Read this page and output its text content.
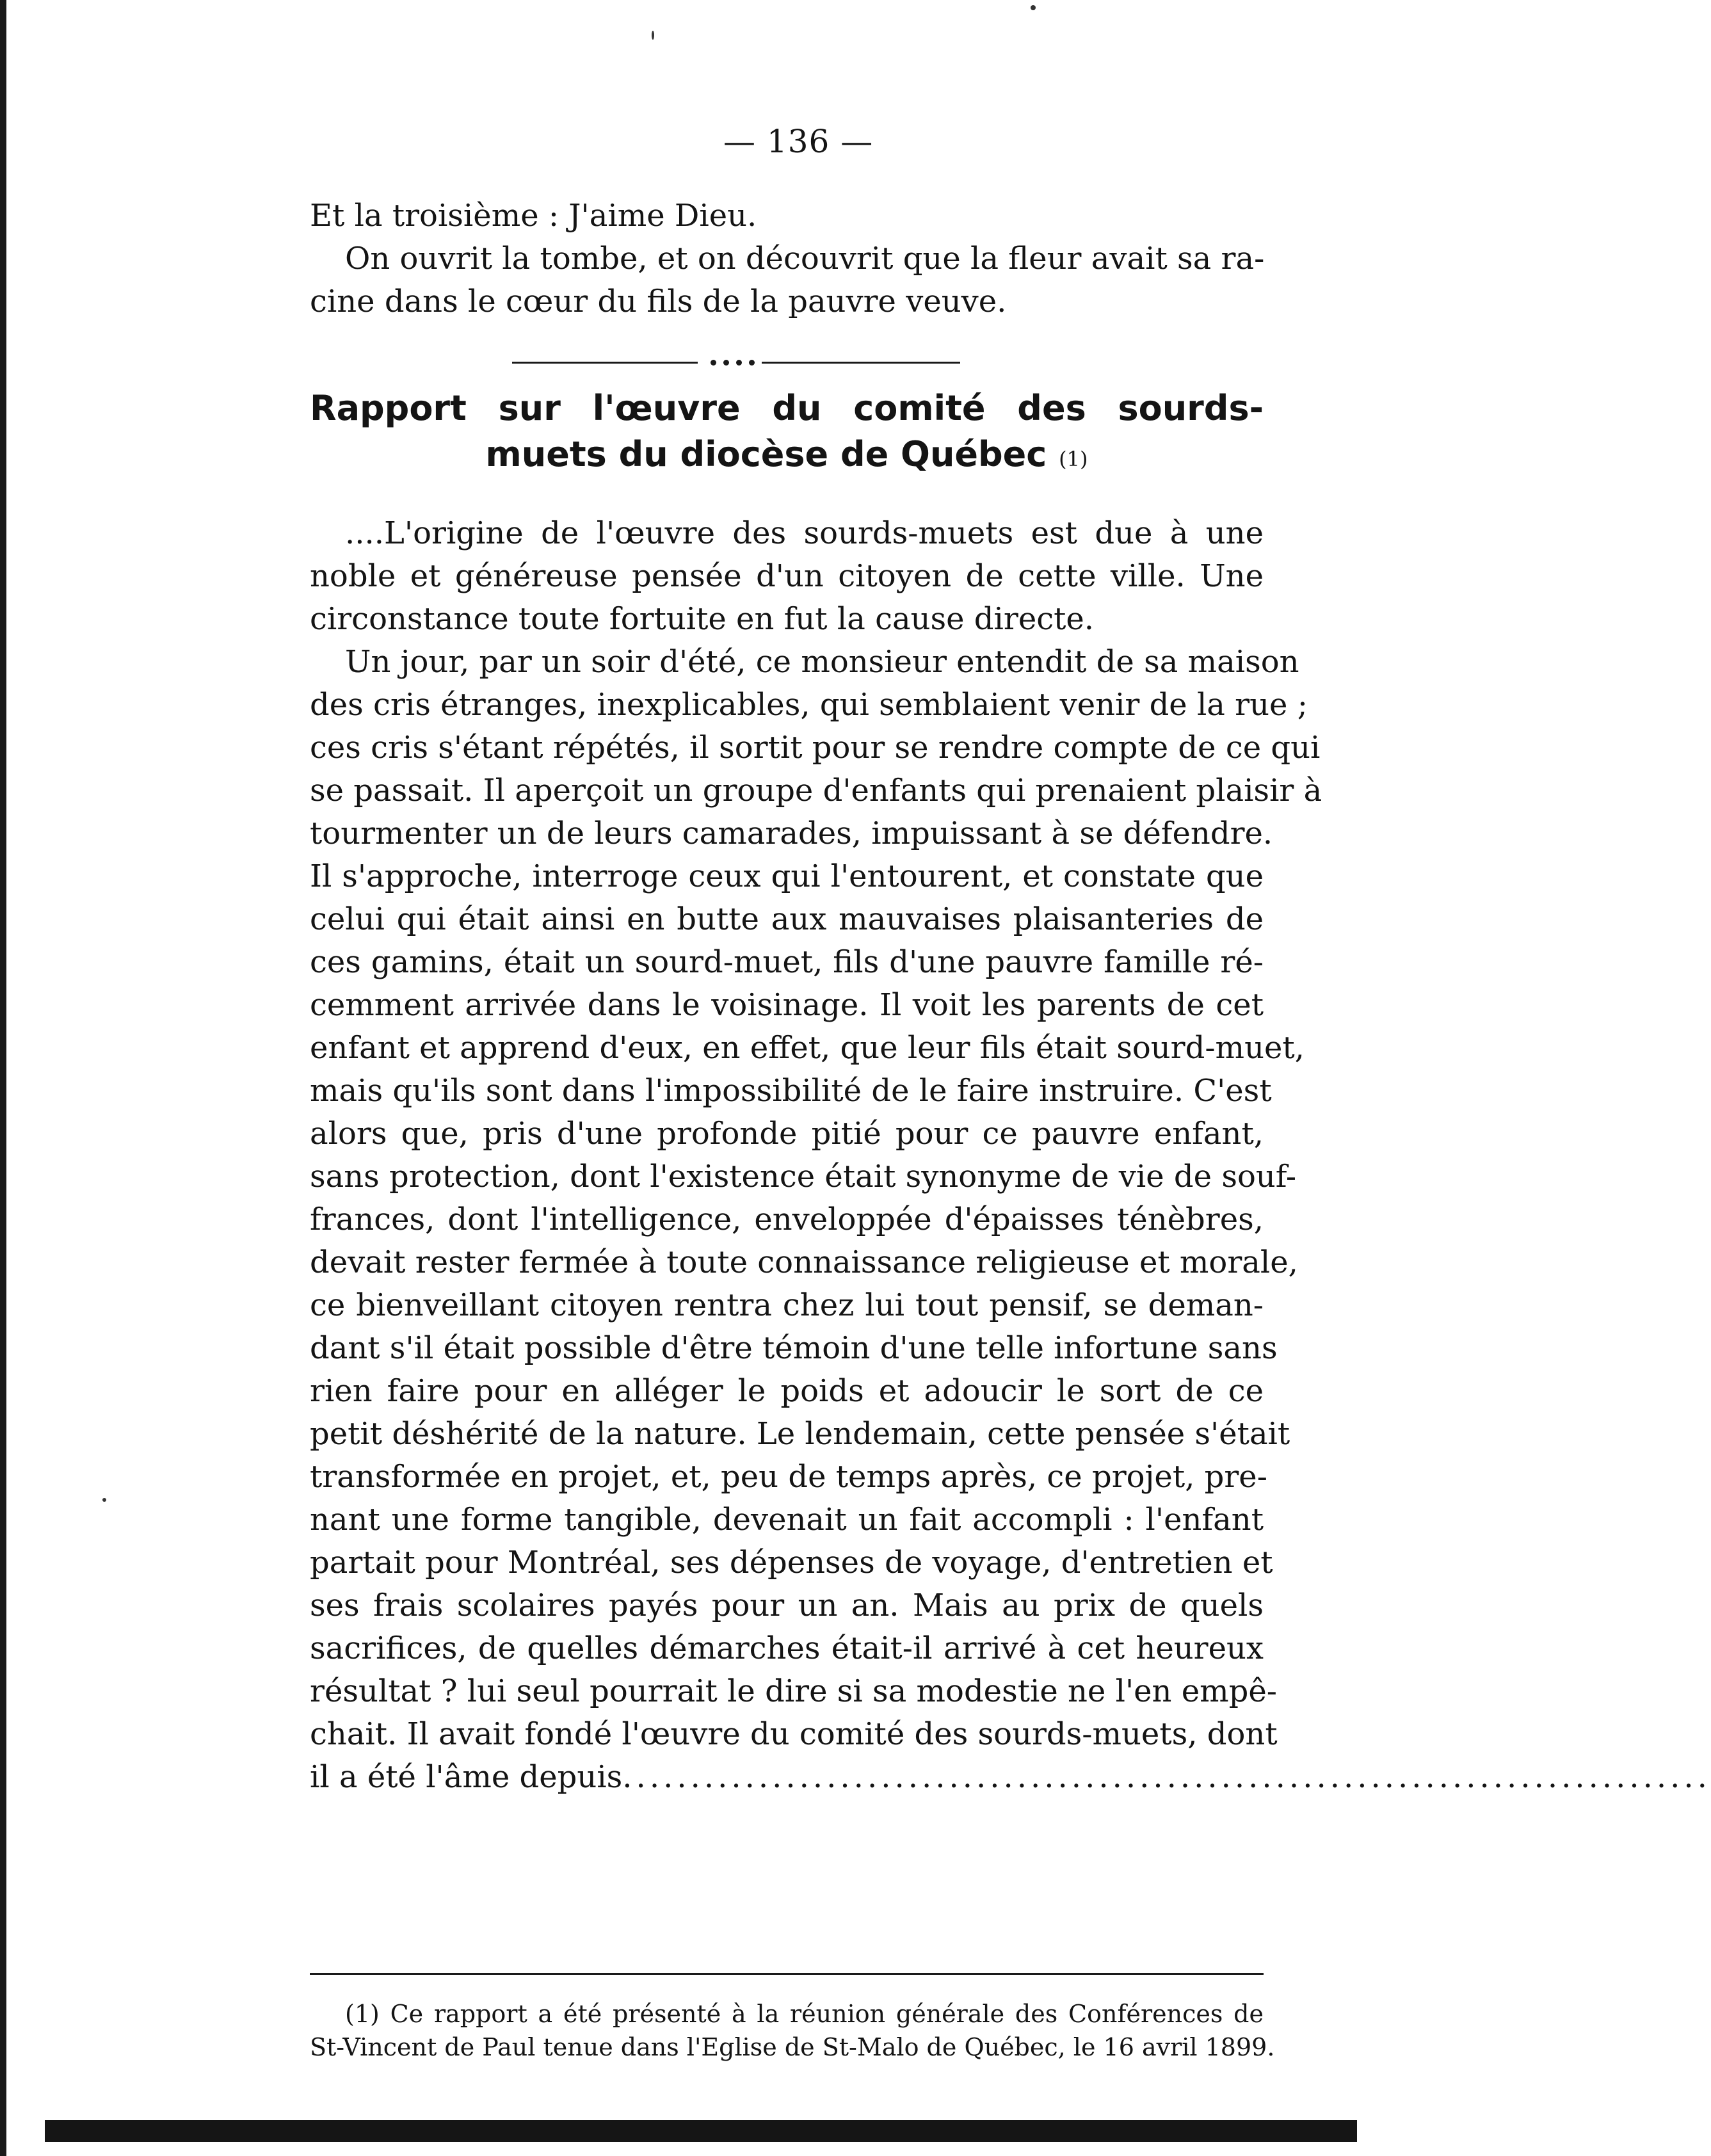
— 136 —
Et la troisième : J'aime Dieu.
On ouvrit la tombe, et on découvrit que la fleur avait sa ra-
cine dans le cœur du fils de la pauvre veuve.
Rapport sur l'œuvre du comité des sourds-
muets du diocèse de Québec (1)
....L'origine de l'œuvre des sourds-muets est due à une
noble et généreuse pensée d'un citoyen de cette ville. Une
circonstance toute fortuite en fut la cause directe.
Un jour, par un soir d'été, ce monsieur entendit de sa maison
des cris étranges, inexplicables, qui semblaient venir de la rue ;
ces cris s'étant répétés, il sortit pour se rendre compte de ce qui
se passait. Il aperçoit un groupe d'enfants qui prenaient plaisir à
tourmenter un de leurs camarades, impuissant à se défendre.
Il s'approche, interroge ceux qui l'entourent, et constate que
celui qui était ainsi en butte aux mauvaises plaisanteries de
ces gamins, était un sourd-muet, fils d'une pauvre famille ré-
cemment arrivée dans le voisinage. Il voit les parents de cet
enfant et apprend d'eux, en effet, que leur fils était sourd-muet,
mais qu'ils sont dans l'impossibilité de le faire instruire. C'est
alors que, pris d'une profonde pitié pour ce pauvre enfant,
sans protection, dont l'existence était synonyme de vie de souf-
frances, dont l'intelligence, enveloppée d'épaisses ténèbres,
devait rester fermée à toute connaissance religieuse et morale,
ce bienveillant citoyen rentra chez lui tout pensif, se deman-
dant s'il était possible d'être témoin d'une telle infortune sans
rien faire pour en alléger le poids et adoucir le sort de ce
petit déshérité de la nature. Le lendemain, cette pensée s'était
transformée en projet, et, peu de temps après, ce projet, pre-
nant une forme tangible, devenait un fait accompli : l'enfant
partait pour Montréal, ses dépenses de voyage, d'entretien et
ses frais scolaires payés pour un an. Mais au prix de quels
sacrifices, de quelles démarches était-il arrivé à cet heureux
résultat ? lui seul pourrait le dire si sa modestie ne l'en empê-
chait. Il avait fondé l'œuvre du comité des sourds-muets, dont
il a été l'âme depuis ................................................................................
(1) Ce rapport a été présenté à la réunion générale des Conférences de
St-Vincent de Paul tenue dans l'Eglise de St-Malo de Québec, le 16 avril 1899.
